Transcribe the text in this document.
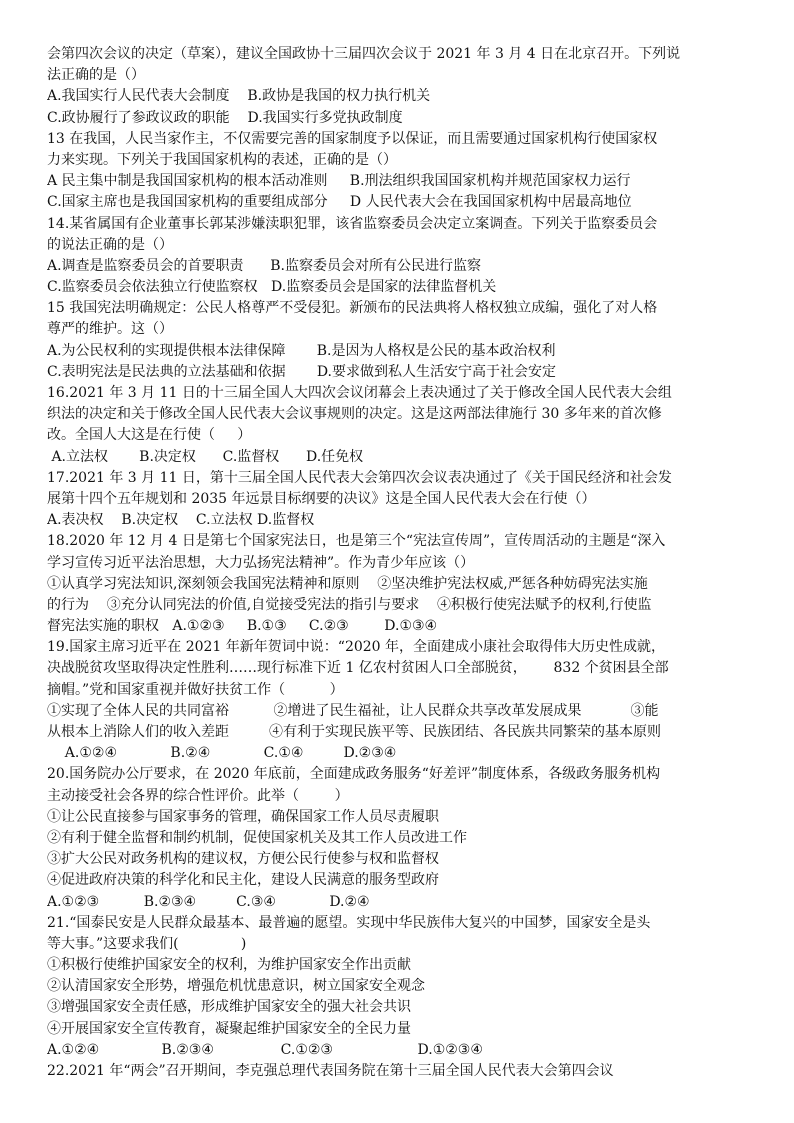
会第四次会议的决定（草案），建议全国政协十三届四次会议于 2021 年 3 月 4 日在北京召开。下列说
法正确的是（）
A.我国实行人民代表大会制度    B.政协是我国的权力执行机关
C.政协履行了参政议政的职能    D.我国实行多党执政制度
13 在我国，人民当家作主，不仅需要完善的国家制度予以保证，而且需要通过国家机构行使国家权
力来实现。下列关于我国国家机构的表述，正确的是（）
A 民主集中制是我国国家机构的根本活动准则     B.刑法组织我国国家机构并规范国家权力运行
C.国家主席也是我国国家机构的重要组成部分     D 人民代表大会在我国国家机构中居最高地位
14.某省属国有企业董事长郭某涉嫌渎职犯罪，该省监察委员会决定立案调查。下列关于监察委员会
的说法正确的是（）
A.调查是监察委员会的首要职责      B.监察委员会对所有公民进行监察
C.监察委员会依法独立行使监察权   D.监察委员会是国家的法律监督机关
15 我国宪法明确规定：公民人格尊严不受侵犯。新颁布的民法典将人格权独立成编，强化了对人格
尊严的维护。这（）
A.为公民权利的实现提供根本法律保障       B.是因为人格权是公民的基本政治权利
C.表明宪法是民法典的立法基础和依据       D.要求做到私人生活安宁高于社会安定
16.2021 年 3 月 11 日的十三届全国人大四次会议闭幕会上表决通过了关于修改全国人民代表大会组
织法的决定和关于修改全国人民代表大会议事规则的决定。这是这两部法律施行 30 多年来的首次修
改。全国人大这是在行使（     ）
A.立法权       B.决定权      C.监督权      D.任免权
17.2021 年 3 月 11 日，第十三届全国人民代表大会第四次会议表决通过了《关于国民经济和社会发
展第十四个五年规划和 2035 年远景目标纲要的决议》这是全国人民代表大会在行使（）
A.表决权    B.决定权    C.立法权 D.监督权
18.2020 年 12 月 4 日是第七个国家宪法日，也是第三个“宪法宣传周”，宣传周活动的主题是“深入
学习宣传习近平法治思想，大力弘扬宪法精神”。作为青少年应该（）
①认真学习宪法知识,深刻领会我国宪法精神和原则    ②坚决维护宪法权威,严惩各种妨碍宪法实施
的行为    ③充分认同宪法的价值,自觉接受宪法的指引与要求    ④积极行使宪法赋予的权利,行使监
督宪法实施的职权   A.①②③     B.①③     C.②③        D.①③④
19.国家主席习近平在 2021 年新年贺词中说：“2020 年，全面建成小康社会取得伟大历史性成就，
决战脱贫攻坚取得决定性胜利……现行标准下近 1 亿农村贫困人口全部脱贫，      832 个贫困县全部
摘帽。”党和国家重视并做好扶贫工作（          ）
①实现了全体人民的共同富裕          ②增进了民生福祉，让人民群众共享改革发展成果           ③能
从根本上消除人们的收入差距         ④有利于实现民族平等、民族团结、各民族共同繁荣的基本原则
A.①②④            B.②④            C.①④         D.②③④
20.国务院办公厅要求，在 2020 年底前，全面建成政务服务“好差评”制度体系，各级政务服务机构
主动接受社会各界的综合性评价。此举（        ）
①让公民直接参与国家事务的管理，确保国家工作人员尽责履职
②有利于健全监督和制约机制，促使国家机关及其工作人员改进工作
③扩大公民对政务机构的建议权，方便公民行使参与权和监督权
④促进政府决策的科学化和民主化，建设人民满意的服务型政府
A.①②③          B.②③④         C.③④            D.②④
21.“国泰民安是人民群众最基本、最普遍的愿望。实现中华民族伟大复兴的中国梦，国家安全是头
等大事。”这要求我们(              )
①积极行使维护国家安全的权利，为维护国家安全作出贡献
②认清国家安全形势，增强危机忧患意识，树立国家安全观念
③增强国家安全责任感，形成维护国家安全的强大社会共识
④开展国家安全宣传教育，凝聚起维护国家安全的全民力量
A.①②④              B.②③④               C.①②③                   D.①②③④
22.2021 年“两会”召开期间，李克强总理代表国务院在第十三届全国人民代表大会第四会议
